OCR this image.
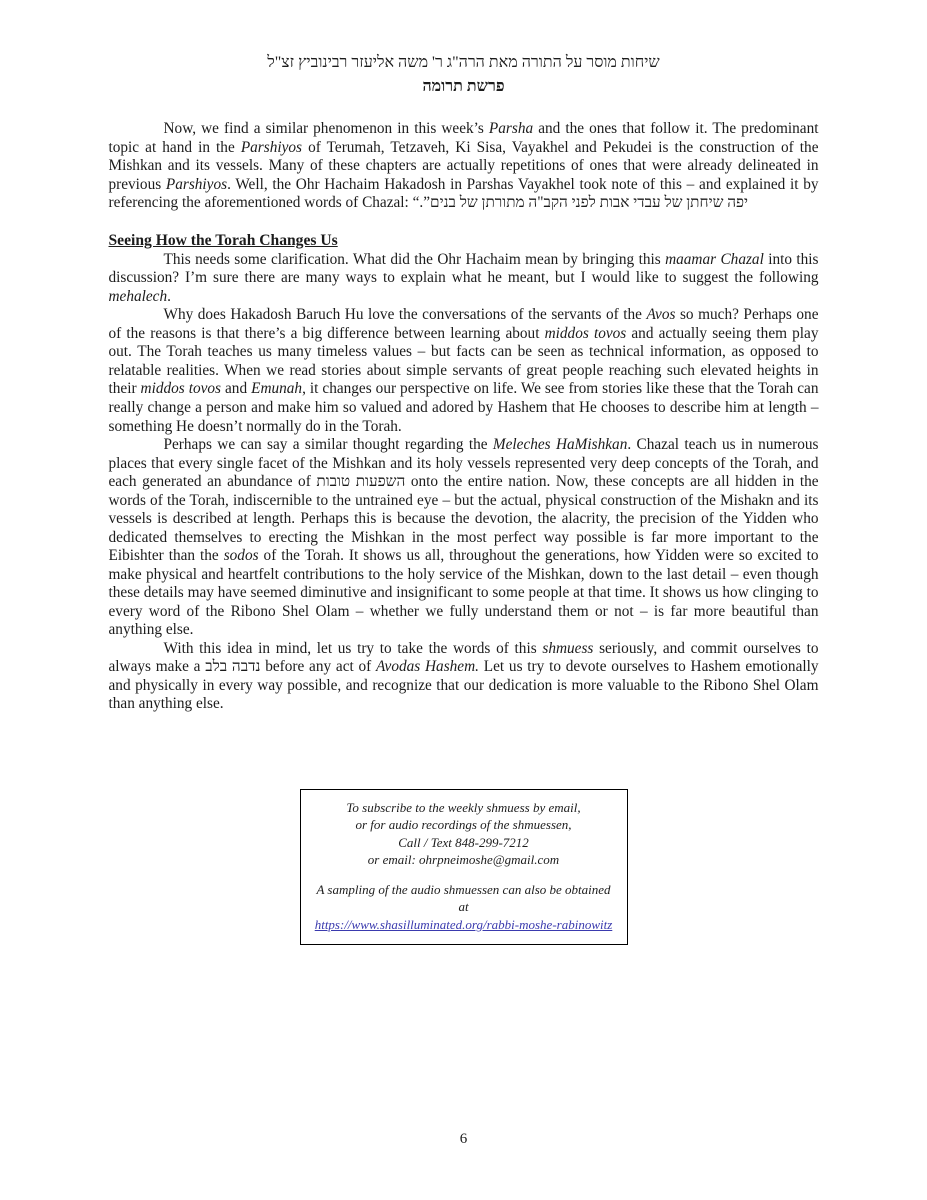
שיחות מוסר על התורה מאת הרה"ג ר' משה אליעזר רבינוביץ זצ"ל
פרשת תרומה

Now, we find a similar phenomenon in this week’s Parsha and the ones that follow it. The predominant topic at hand in the Parshiyos of Terumah, Tetzaveh, Ki Sisa, Vayakhel and Pekudei is the construction of the Mishkan and its vessels. Many of these chapters are actually repetitions of ones that were already delineated in previous Parshiyos. Well, the Ohr Hachaim Hakadosh in Parshas Vayakhel took note of this – and explained it by referencing the aforementioned words of Chazal: “יפה שיחתן של עבדי אבות לפני הקב"ה מתורתן של בנים”.

Seeing How the Torah Changes Us

This needs some clarification. What did the Ohr Hachaim mean by bringing this maamar Chazal into this discussion? I’m sure there are many ways to explain what he meant, but I would like to suggest the following mehalech.

Why does Hakadosh Baruch Hu love the conversations of the servants of the Avos so much? Perhaps one of the reasons is that there’s a big difference between learning about middos tovos and actually seeing them play out. The Torah teaches us many timeless values – but facts can be seen as technical information, as opposed to relatable realities. When we read stories about simple servants of great people reaching such elevated heights in their middos tovos and Emunah, it changes our perspective on life. We see from stories like these that the Torah can really change a person and make him so valued and adored by Hashem that He chooses to describe him at length – something He doesn’t normally do in the Torah.

Perhaps we can say a similar thought regarding the Meleches HaMishkan. Chazal teach us in numerous places that every single facet of the Mishkan and its holy vessels represented very deep concepts of the Torah, and each generated an abundance of השפעות טובות onto the entire nation. Now, these concepts are all hidden in the words of the Torah, indiscernible to the untrained eye – but the actual, physical construction of the Mishakn and its vessels is described at length. Perhaps this is because the devotion, the alacrity, the precision of the Yidden who dedicated themselves to erecting the Mishkan in the most perfect way possible is far more important to the Eibishter than the sodos of the Torah. It shows us all, throughout the generations, how Yidden were so excited to make physical and heartfelt contributions to the holy service of the Mishkan, down to the last detail – even though these details may have seemed diminutive and insignificant to some people at that time. It shows us how clinging to every word of the Ribono Shel Olam – whether we fully understand them or not – is far more beautiful than anything else.

With this idea in mind, let us try to take the words of this shmuess seriously, and commit ourselves to always make a נדבה בלב before any act of Avodas Hashem. Let us try to devote ourselves to Hashem emotionally and physically in every way possible, and recognize that our dedication is more valuable to the Ribono Shel Olam than anything else.

To subscribe to the weekly shmuess by email,

or for audio recordings of the shmuessen,

Call / Text 848-299-7212

or email: ohrpneimoshe@gmail.com

A sampling of the audio shmuessen can also be obtained at

https://www.shasilluminated.org/rabbi-moshe-rabinowitz
6
